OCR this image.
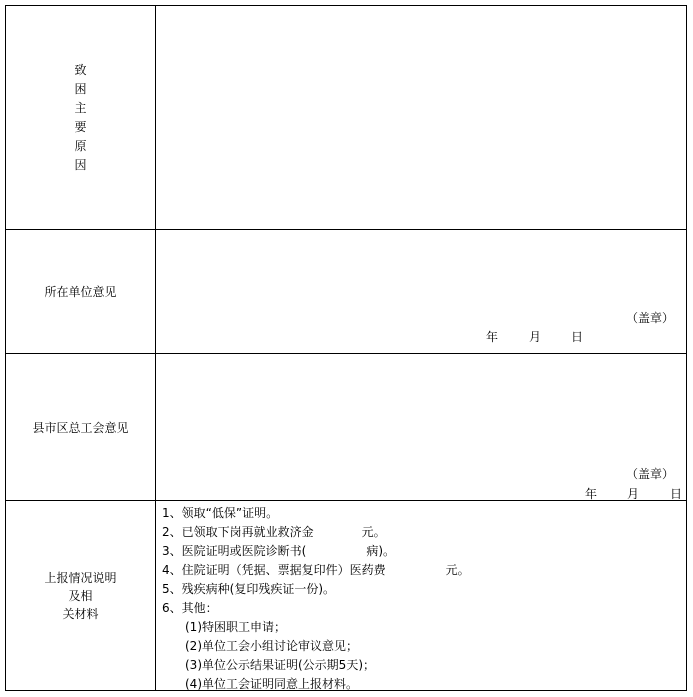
致
困
主
要
原
因
所在单位意见
（盖章）
年	月 日
县市区总工会意见
（盖章）
年 月	日
上报情况说明
及相
关材料
1、领取“低保”证明。
2、已领取下岗再就业救济金　　　　元。
3、医院证明或医院诊断书(　　　　　病)。
4、住院证明（凭据、票据复印件）医药费　　　　　元。
5、残疾病种(复印残疾证一份)。
6、其他：
(1)特困职工申请；
(2)单位工会小组讨论审议意见；
(3)单位公示结果证明(公示期5天)；
(4)单位工会证明同意上报材料。
